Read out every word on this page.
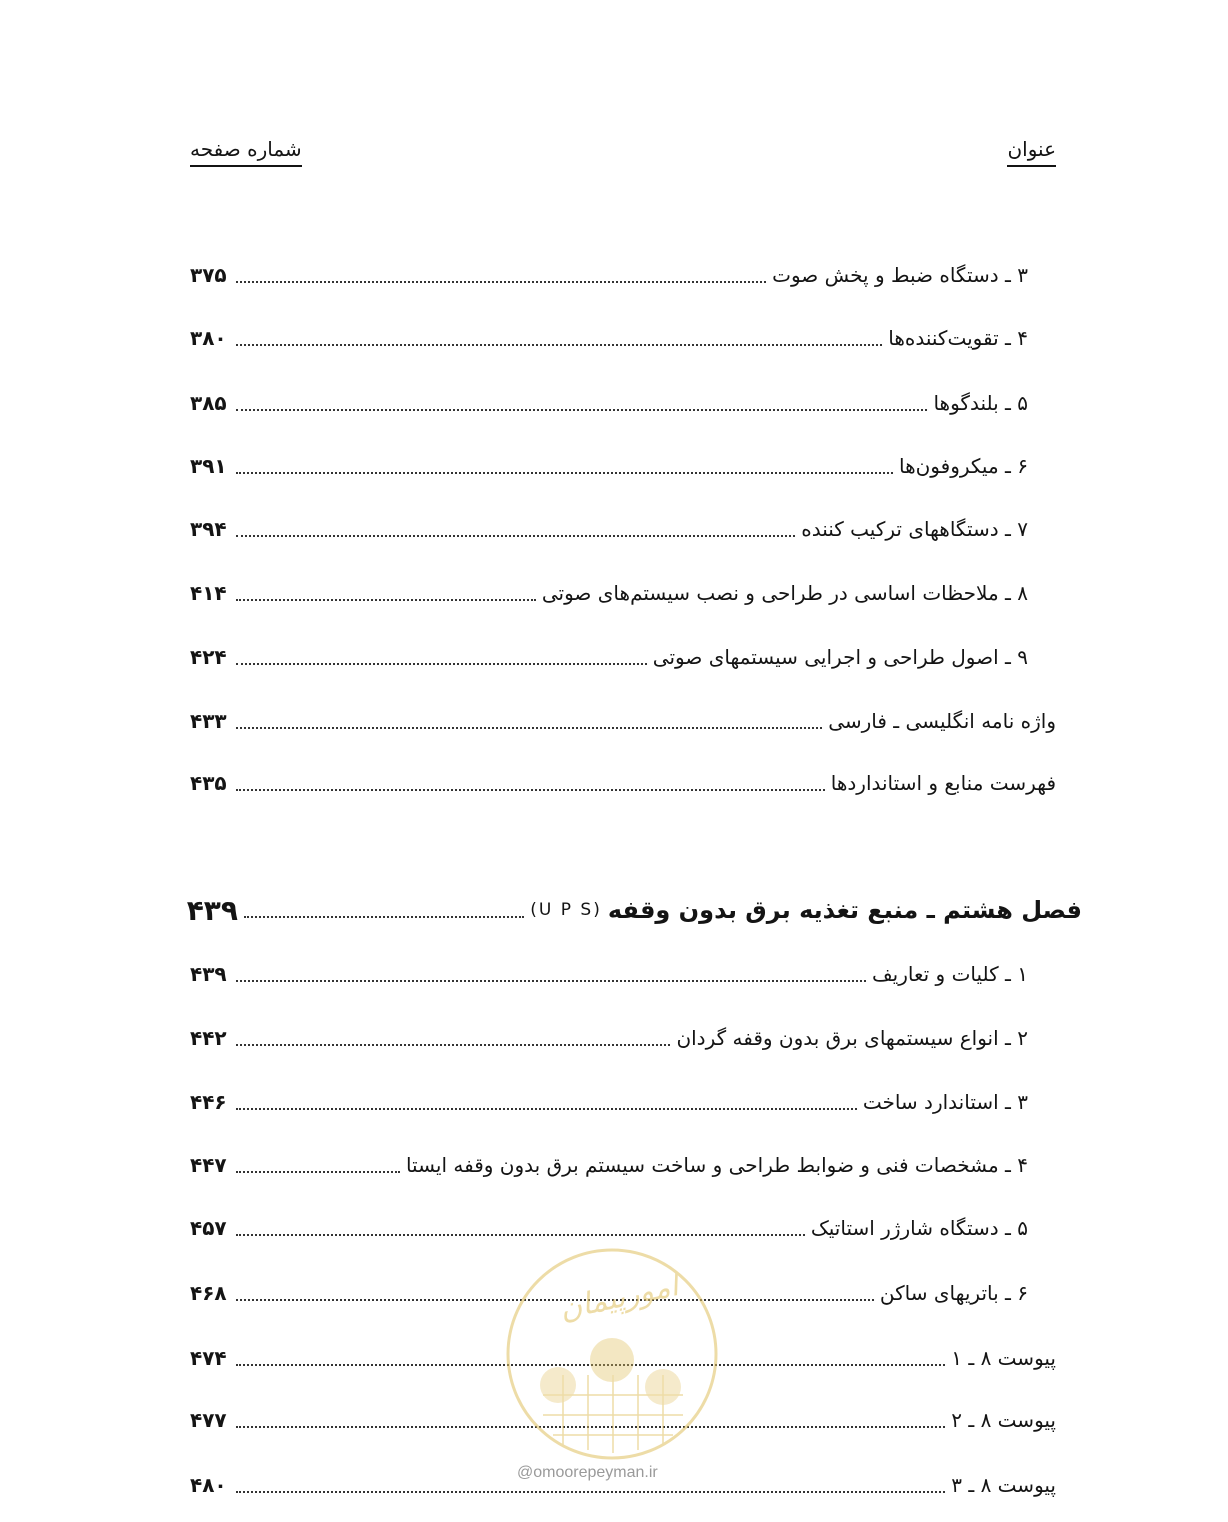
عنوان
شماره صفحه
۳ ـ دستگاه ضبط و پخش صوت
۳۷۵
۴ ـ تقویت‌کننده‌ها
۳۸۰
۵ ـ بلندگوها
۳۸۵
۶ ـ میکروفون‌ها
۳۹۱
۷ ـ دستگاههای ترکیب کننده
۳۹۴
۸ ـ ملاحظات اساسی در طراحی و نصب سیستم‌های صوتی
۴۱۴
۹ ـ اصول طراحی و اجرایی سیستمهای صوتی
۴۲۴
واژه نامه انگلیسی ـ فارسی
۴۳۳
فهرست منابع و استانداردها
۴۳۵
فصل هشتم ـ منبع تغذیه برق بدون وقفه
(U P S)
۴۳۹
۱ ـ کلیات و تعاریف
۴۳۹
۲ ـ انواع سیستمهای برق بدون وقفه گردان
۴۴۲
۳ ـ استاندارد ساخت
۴۴۶
۴ ـ مشخصات فنی و ضوابط طراحی و ساخت سیستم برق بدون وقفه ایستا
۴۴۷
۵ ـ دستگاه شارژر استاتیک
۴۵۷
۶ ـ باتریهای ساکن
۴۶۸
پیوست ۸ ـ ۱
۴۷۴
پیوست ۸ ـ ۲
۴۷۷
پیوست ۸ ـ ۳
۴۸۰
امورپیمان
@omoorepeyman.ir
